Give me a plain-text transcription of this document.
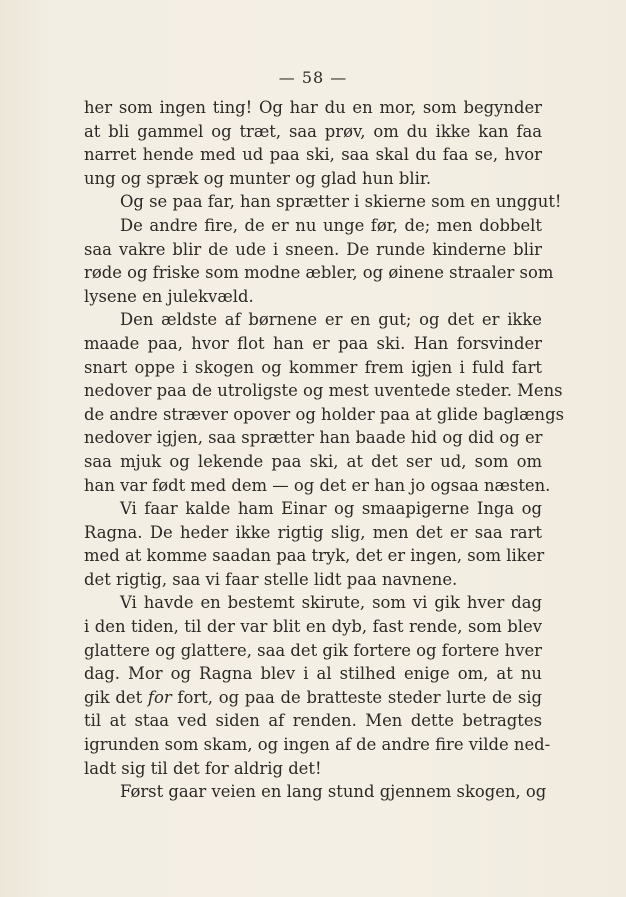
— 58 —
her som ingen ting! Og har du en mor, som begynder
at bli gammel og træt, saa prøv, om du ikke kan faa
narret hende med ud paa ski, saa skal du faa se, hvor
ung og spræk og munter og glad hun blir.
Og se paa far, han sprætter i skierne som en unggut!
De andre fire, de er nu unge før, de; men dobbelt
saa vakre blir de ude i sneen. De runde kinderne blir
røde og friske som modne æbler, og øinene straaler som
lysene en julekvæld.
Den ældste af børnene er en gut; og det er ikke
maade paa, hvor flot han er paa ski. Han forsvinder
snart oppe i skogen og kommer frem igjen i fuld fart
nedover paa de utroligste og mest uventede steder. Mens
de andre stræver opover og holder paa at glide baglængs
nedover igjen, saa sprætter han baade hid og did og er
saa mjuk og lekende paa ski, at det ser ud, som om
han var født med dem — og det er han jo ogsaa næsten.
Vi faar kalde ham Einar og smaapigerne Inga og
Ragna. De heder ikke rigtig slig, men det er saa rart
med at komme saadan paa tryk, det er ingen, som liker
det rigtig, saa vi faar stelle lidt paa navnene.
Vi havde en bestemt skirute, som vi gik hver dag
i den tiden, til der var blit en dyb, fast rende, som blev
glattere og glattere, saa det gik fortere og fortere hver
dag. Mor og Ragna blev i al stilhed enige om, at nu
gik det for fort, og paa de bratteste steder lurte de sig
til at staa ved siden af renden. Men dette betragtes
igrunden som skam, og ingen af de andre fire vilde ned-
ladt sig til det for aldrig det!
Først gaar veien en lang stund gjennem skogen, og
